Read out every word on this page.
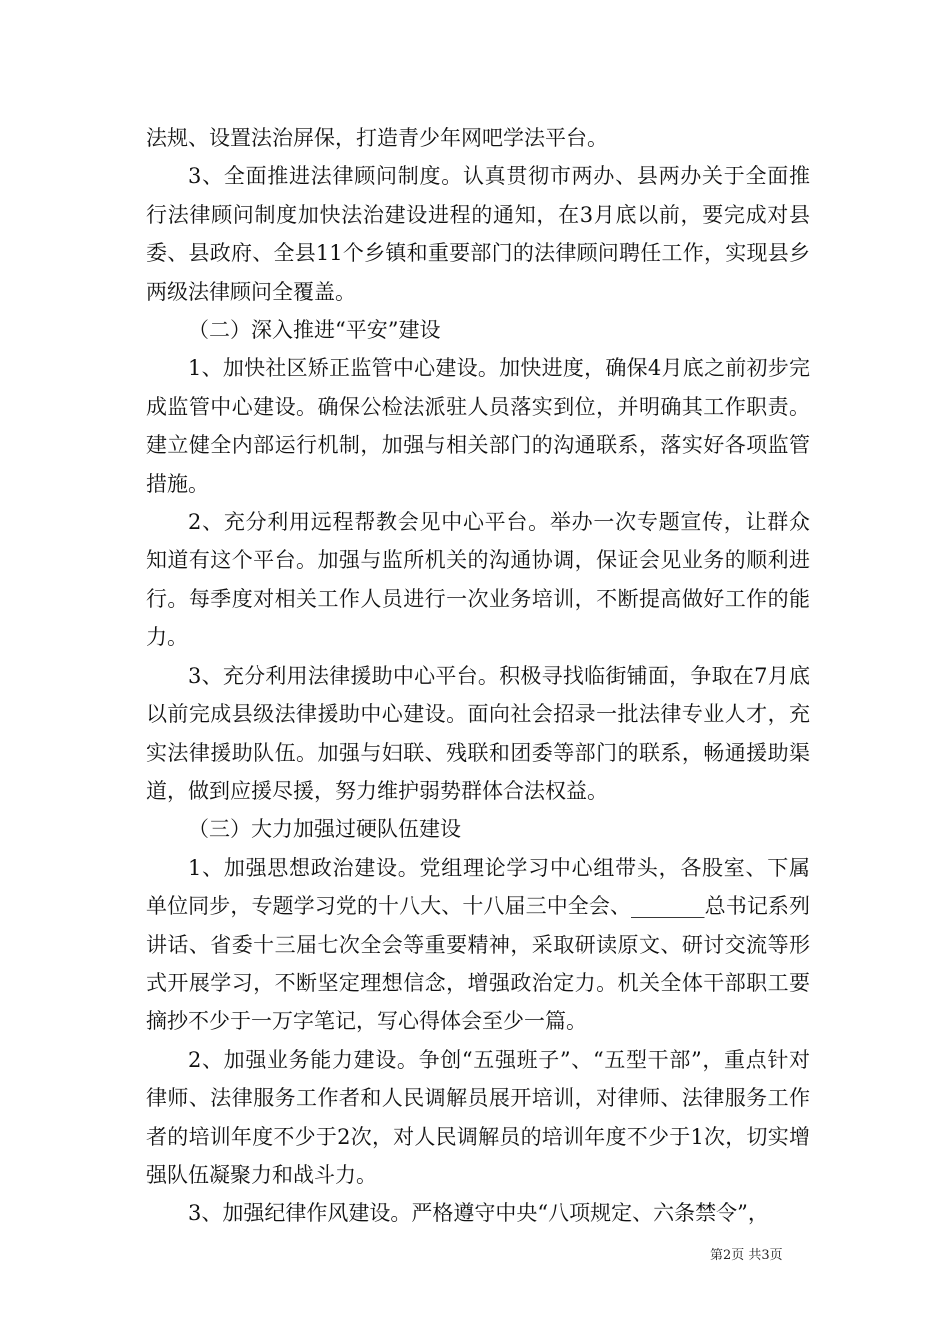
法规、设置法治屏保，打造青少年网吧学法平台。

3、全面推进法律顾问制度。认真贯彻市两办、县两办关于全面推行法律顾问制度加快法治建设进程的通知，在3月底以前，要完成对县委、县政府、全县11个乡镇和重要部门的法律顾问聘任工作，实现县乡两级法律顾问全覆盖。

（二）深入推进“平安”建设

1、加快社区矫正监管中心建设。加快进度，确保4月底之前初步完成监管中心建设。确保公检法派驻人员落实到位，并明确其工作职责。建立健全内部运行机制，加强与相关部门的沟通联系，落实好各项监管措施。

2、充分利用远程帮教会见中心平台。举办一次专题宣传，让群众知道有这个平台。加强与监所机关的沟通协调，保证会见业务的顺利进行。每季度对相关工作人员进行一次业务培训，不断提高做好工作的能力。

3、充分利用法律援助中心平台。积极寻找临街铺面，争取在7月底以前完成县级法律援助中心建设。面向社会招录一批法律专业人才，充实法律援助队伍。加强与妇联、残联和团委等部门的联系，畅通援助渠道，做到应援尽援，努力维护弱势群体合法权益。

（三）大力加强过硬队伍建设

1、加强思想政治建设。党组理论学习中心组带头，各股室、下属单位同步，专题学习党的十八大、十八届三中全会、_______总书记系列讲话、省委十三届七次全会等重要精神，采取研读原文、研讨交流等形式开展学习，不断坚定理想信念，增强政治定力。机关全体干部职工要摘抄不少于一万字笔记，写心得体会至少一篇。

2、加强业务能力建设。争创“五强班子”、“五型干部”，重点针对律师、法律服务工作者和人民调解员展开培训，对律师、法律服务工作者的培训年度不少于2次，对人民调解员的培训年度不少于1次，切实增强队伍凝聚力和战斗力。

3、加强纪律作风建设。严格遵守中央“八项规定、六条禁令”，

第2页 共3页
